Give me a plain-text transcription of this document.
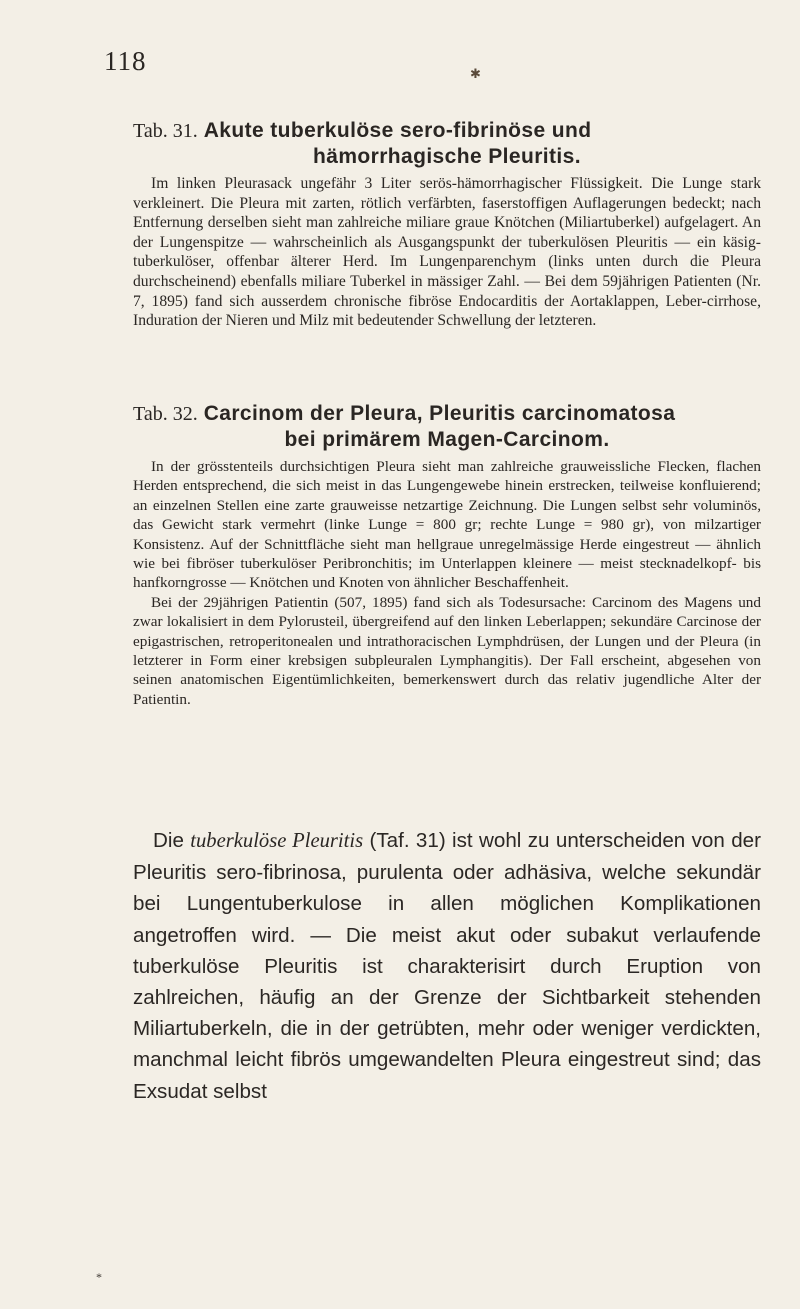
118	✱
Tab. 31. Akute tuberkulöse sero-fibrinöse und
hämorrhagische Pleuritis.

Im linken Pleurasack ungefähr 3 Liter serös-hämorrhagischer Flüssigkeit. Die Lunge stark verkleinert. Die Pleura mit zarten, rötlich verfärbten, faserstoffigen Auflagerungen bedeckt; nach Entfernung derselben sieht man zahlreiche miliare graue Knötchen (Miliartuberkel) aufgelagert. An der Lungenspitze — wahrscheinlich als Ausgangspunkt der tuberkulösen Pleuritis — ein käsig-tuberkulöser, offenbar älterer Herd. Im Lungenparenchym (links unten durch die Pleura durchscheinend) ebenfalls miliare Tuberkel in mässiger Zahl. — Bei dem 59jährigen Patienten (Nr. 7, 1895) fand sich ausserdem chronische fibröse Endocarditis der Aortaklappen, Leber-cirrhose, Induration der Nieren und Milz mit bedeutender Schwellung der letzteren.

Tab. 32. Carcinom der Pleura, Pleuritis carcinomatosa
bei primärem Magen-Carcinom.

In der grösstenteils durchsichtigen Pleura sieht man zahlreiche grauweissliche Flecken, flachen Herden entsprechend, die sich meist in das Lungengewebe hinein erstrecken, teilweise konfluierend; an einzelnen Stellen eine zarte grauweisse netzartige Zeichnung. Die Lungen selbst sehr voluminös, das Gewicht stark vermehrt (linke Lunge = 800 gr; rechte Lunge = 980 gr), von milzartiger Konsistenz. Auf der Schnittfläche sieht man hellgraue unregelmässige Herde eingestreut — ähnlich wie bei fibröser tuberkulöser Peribronchitis; im Unterlappen kleinere — meist stecknadelkopf- bis hanfkorngrosse — Knötchen und Knoten von ähnlicher Beschaffenheit.

Bei der 29jährigen Patientin (507, 1895) fand sich als Todesursache: Carcinom des Magens und zwar lokalisiert in dem Pylorusteil, übergreifend auf den linken Leberlappen; sekundäre Carcinose der epigastrischen, retroperitonealen und intrathoracischen Lymphdrüsen, der Lungen und der Pleura (in letzterer in Form einer krebsigen subpleuralen Lymphangitis). Der Fall erscheint, abgesehen von seinen anatomischen Eigentümlichkeiten, bemerkenswert durch das relativ jugendliche Alter der Patientin.

Die tuberkulöse Pleuritis (Taf. 31) ist wohl zu unterscheiden von der Pleuritis sero-fibrinosa, purulenta oder adhäsiva, welche sekundär bei Lungentuberkulose in allen möglichen Komplikationen angetroffen wird. — Die meist akut oder subakut verlaufende tuberkulöse Pleuritis ist charakterisirt durch Eruption von zahlreichen, häufig an der Grenze der Sichtbarkeit stehenden Miliartuberkeln, die in der getrübten, mehr oder weniger verdickten, manchmal leicht fibrös umgewandelten Pleura eingestreut sind; das Exsudat selbst

*
